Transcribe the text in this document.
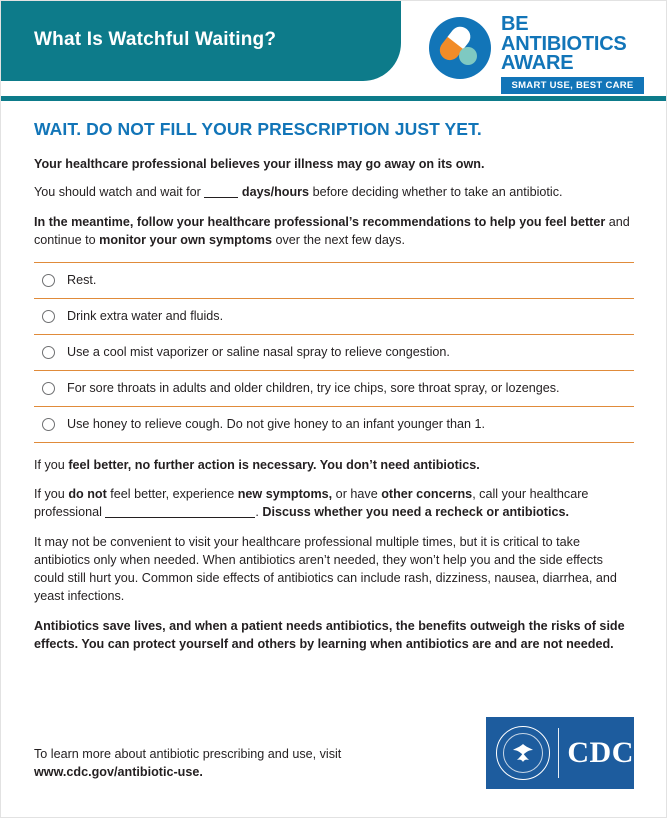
What Is Watchful Waiting?
BE
ANTIBIOTICS
AWARE
SMART USE, BEST CARE
WAIT. DO NOT FILL YOUR PRESCRIPTION JUST YET.

Your healthcare professional believes your illness may go away on its own.

You should watch and wait for	days/hours before deciding whether to take an antibiotic.

In the meantime, follow your healthcare professional’s recommendations to help you feel better and continue to monitor your own symptoms over the next few days.

Rest.
Drink extra water and fluids.
Use a cool mist vaporizer or saline nasal spray to relieve congestion.
For sore throats in adults and older children, try ice chips, sore throat spray, or lozenges.
Use honey to relieve cough. Do not give honey to an infant younger than 1.

If you feel better, no further action is necessary. You don’t need antibiotics.

If you do not feel better, experience new symptoms, or have other concerns, call your healthcare professional	. Discuss whether you need a recheck or antibiotics.

It may not be convenient to visit your healthcare professional multiple times, but it is critical to take antibiotics only when needed. When antibiotics aren’t needed, they won’t help you and the side effects could still hurt you. Common side effects of antibiotics can include rash, dizziness, nausea, diarrhea, and yeast infections.

Antibiotics save lives, and when a patient needs antibiotics, the benefits outweigh the risks of side effects. You can protect yourself and others by learning when antibiotics are and are not needed.

To learn more about antibiotic prescribing and use, visit
www.cdc.gov/antibiotic-use.
CDC
